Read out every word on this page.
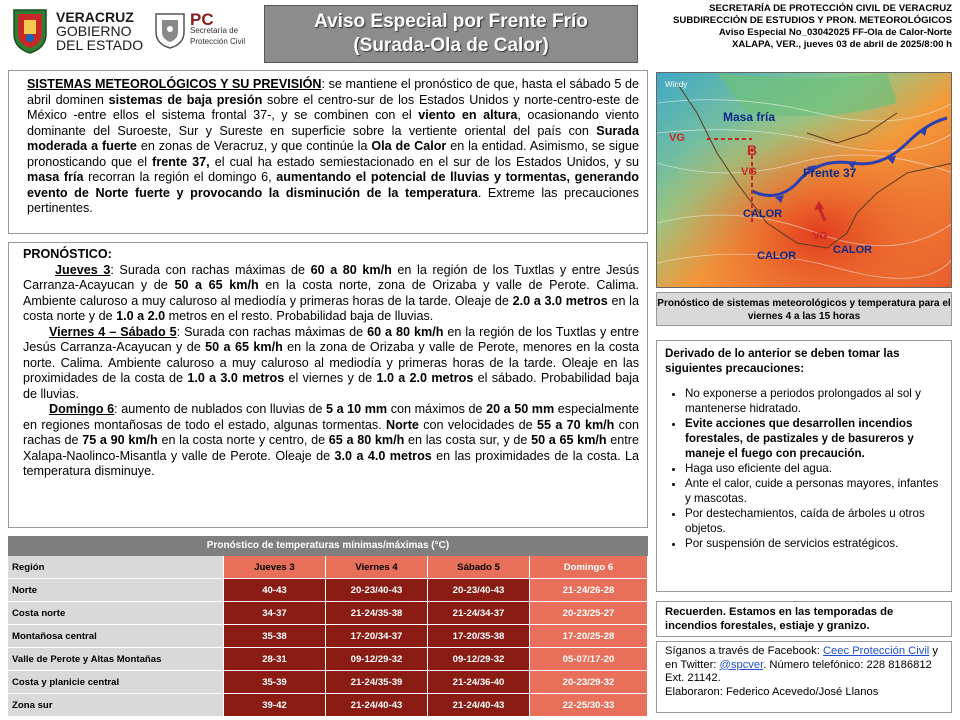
VERACRUZ
GOBIERNO
DEL ESTADO
PC
Secretaría de
Protección Civil
Aviso Especial por Frente Frío
(Surada-Ola de Calor)
SECRETARÍA DE PROTECCIÓN CIVIL DE VERACRUZ
SUBDIRECCIÓN DE ESTUDIOS Y PRON. METEOROLÓGICOS
Aviso Especial No_03042025 FF-Ola de Calor-Norte
XALAPA, VER., jueves 03 de abril de 2025/8:00 h
SISTEMAS METEOROLÓGICOS Y SU PREVISIÓN: se mantiene el pronóstico de que, hasta el sábado 5 de abril dominen sistemas de baja presión sobre el centro-sur de los Estados Unidos y norte-centro-este de México -entre ellos el sistema frontal 37-, y se combinen con el viento en altura, ocasionando viento dominante del Suroeste, Sur y Sureste en superficie sobre la vertiente oriental del país con Surada moderada a fuerte en zonas de Veracruz, y que continúe la Ola de Calor en la entidad. Asimismo, se sigue pronosticando que el frente 37, el cual ha estado semiestacionado en el sur de los Estados Unidos, y su masa fría recorran la región el domingo 6, aumentando el potencial de lluvias y tormentas, generando evento de Norte fuerte y provocando la disminución de la temperatura. Extreme las precauciones pertinentes.

PRONÓSTICO:

Jueves 3: Surada con rachas máximas de 60 a 80 km/h en la región de los Tuxtlas y entre Jesús Carranza-Acayucan y de 50 a 65 km/h en la costa norte, zona de Orizaba y valle de Perote. Calima. Ambiente caluroso a muy caluroso al mediodía y primeras horas de la tarde. Oleaje de 2.0 a 3.0 metros en la costa norte y de 1.0 a 2.0 metros en el resto. Probabilidad baja de lluvias.

Viernes 4 – Sábado 5: Surada con rachas máximas de 60 a 80 km/h en la región de los Tuxtlas y entre Jesús Carranza-Acayucan y de 50 a 65 km/h en la zona de Orizaba y valle de Perote, menores en la costa norte. Calima. Ambiente caluroso a muy caluroso al mediodía y primeras horas de la tarde. Oleaje en las proximidades de la costa de 1.0 a 3.0 metros el viernes y de 1.0 a 2.0 metros el sábado. Probabilidad baja de lluvias.

Domingo 6: aumento de nublados con lluvias de 5 a 10 mm con máximos de 20 a 50 mm especialmente en regiones montañosas de todo el estado, algunas tormentas. Norte con velocidades de 55 a 70 km/h con rachas de 75 a 90 km/h en la costa norte y centro, de 65 a 80 km/h en las costa sur, y de 50 a 65 km/h entre Xalapa-Naolinco-Misantla y valle de Perote. Oleaje de 3.0 a 4.0 metros en las proximidades de la costa. La temperatura disminuye.

Windy
Masa fría
Frente 37
B
VG
VG
VG
CALOR
CALOR
CALOR
Pronóstico de sistemas meteorológicos y temperatura para el viernes 4 a las 15 horas
Derivado de lo anterior se deben tomar las siguientes precauciones:
• No exponerse a periodos prolongados al sol y mantenerse hidratado.
• Evite acciones que desarrollen incendios forestales, de pastizales y de basureros y maneje el fuego con precaución.
• Haga uso eficiente del agua.
• Ante el calor, cuide a personas mayores, infantes y mascotas.
• Por destechamientos, caída de árboles u otros objetos.
• Por suspensión de servicios estratégicos.
Recuerden. Estamos en las temporadas de incendios forestales, estiaje y granizo.
Síganos a través de Facebook: Ceec Protección Civil y en Twitter: @spcver. Número telefónico: 228 8186812 Ext. 21142.
Elaboraron: Federico Acevedo/José Llanos
Pronóstico de temperaturas mínimas/máximas (°C)
Región	Jueves 3	Viernes 4	Sábado 5	Domingo 6
Norte	40-43	20-23/40-43	20-23/40-43	21-24/26-28
Costa norte	34-37	21-24/35-38	21-24/34-37	20-23/25-27
Montañosa central	35-38	17-20/34-37	17-20/35-38	17-20/25-28
Valle de Perote y Altas Montañas	28-31	09-12/29-32	09-12/29-32	05-07/17-20
Costa y planicie central	35-39	21-24/35-39	21-24/36-40	20-23/29-32
Zona sur	39-42	21-24/40-43	21-24/40-43	22-25/30-33
